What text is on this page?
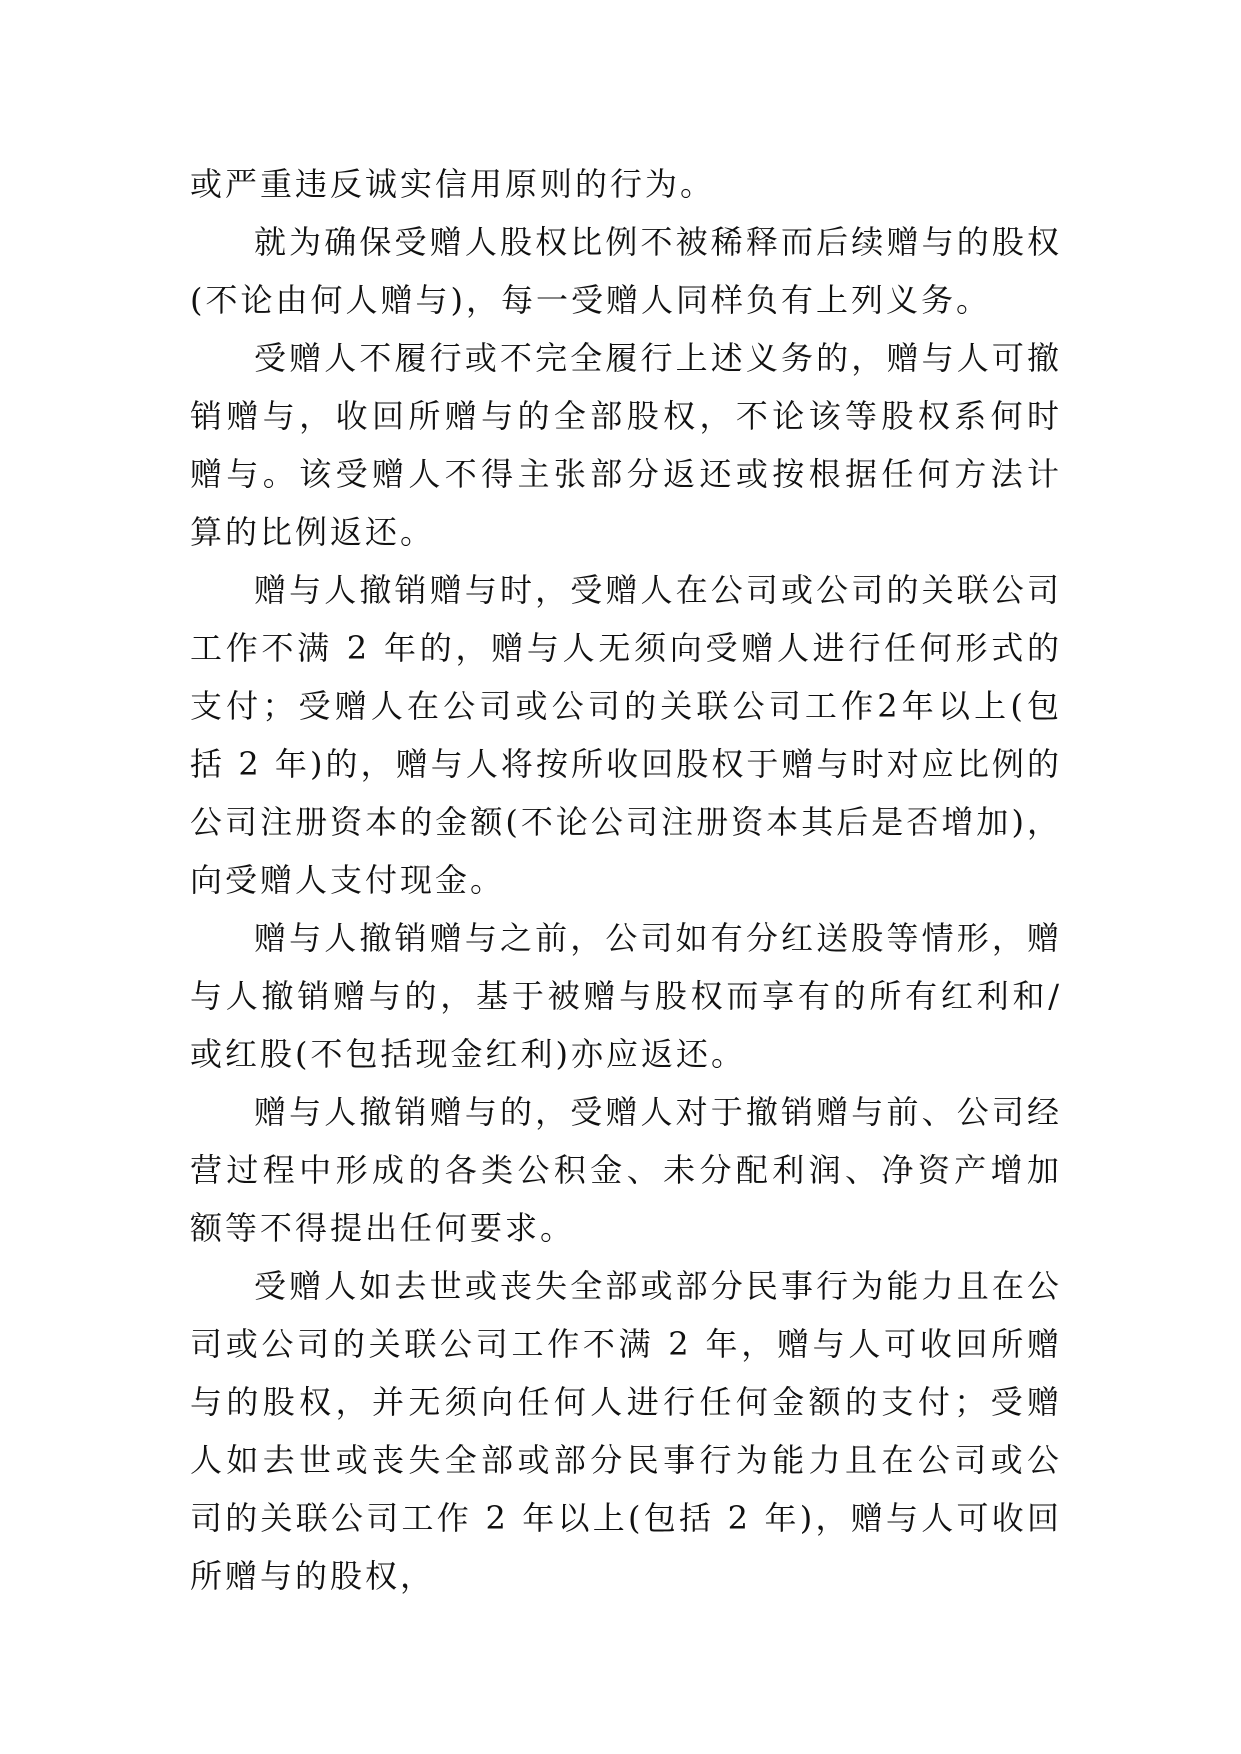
或严重违反诚实信用原则的行为。

就为确保受赠人股权比例不被稀释而后续赠与的股权(不论由何人赠与)，每一受赠人同样负有上列义务。

受赠人不履行或不完全履行上述义务的，赠与人可撤销赠与，收回所赠与的全部股权，不论该等股权系何时赠与。该受赠人不得主张部分返还或按根据任何方法计算的比例返还。

赠与人撤销赠与时，受赠人在公司或公司的关联公司工作不满 2 年的，赠与人无须向受赠人进行任何形式的支付；受赠人在公司或公司的关联公司工作2年以上(包括 2 年)的，赠与人将按所收回股权于赠与时对应比例的公司注册资本的金额(不论公司注册资本其后是否增加)，向受赠人支付现金。

赠与人撤销赠与之前，公司如有分红送股等情形，赠与人撤销赠与的，基于被赠与股权而享有的所有红利和/或红股(不包括现金红利)亦应返还。

赠与人撤销赠与的，受赠人对于撤销赠与前、公司经营过程中形成的各类公积金、未分配利润、净资产增加额等不得提出任何要求。

受赠人如去世或丧失全部或部分民事行为能力且在公司或公司的关联公司工作不满 2 年，赠与人可收回所赠与的股权，并无须向任何人进行任何金额的支付；受赠人如去世或丧失全部或部分民事行为能力且在公司或公司的关联公司工作 2 年以上(包括 2 年)，赠与人可收回所赠与的股权，
